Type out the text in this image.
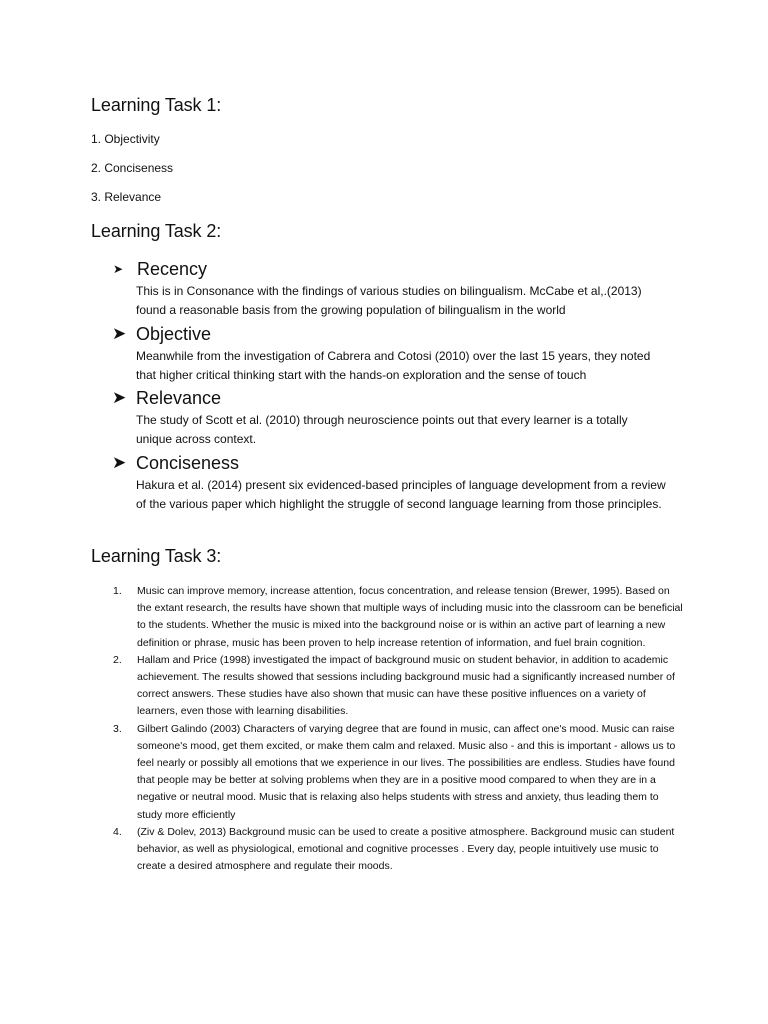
Learning Task 1:

1. Objectivity

2. Conciseness

3. Relevance

Learning Task 2:
➤ Recency
This is in Consonance with the findings of various studies on bilingualism. McCabe et al,.(2013) found a reasonable basis from the growing population of bilingualism in the world
➤ Objective
Meanwhile from the investigation of Cabrera and Cotosi (2010) over the last 15 years, they noted that higher critical thinking start with the hands-on exploration and the sense of touch
➤ Relevance
The study of Scott et al. (2010) through neuroscience points out that every learner is a totally unique across context.
➤ Conciseness
Hakura et al. (2014) present six evidenced-based principles of language development from a review of the various paper which highlight the struggle of second language learning from those principles.
Learning Task 3:
1.	Music can improve memory, increase attention, focus concentration, and release tension (Brewer, 1995). Based on the extant research, the results have shown that multiple ways of including music into the classroom can be beneficial to the students. Whether the music is mixed into the background noise or is within an active part of learning a new definition or phrase, music has been proven to help increase retention of information, and fuel brain cognition.
2.	Hallam and Price (1998) investigated the impact of background music on student behavior, in addition to academic achievement. The results showed that sessions including background music had a significantly increased number of correct answers. These studies have also shown that music can have these positive influences on a variety of learners, even those with learning disabilities.
3.	Gilbert Galindo (2003) Characters of varying degree that are found in music, can affect one's mood. Music can raise someone's mood, get them excited, or make them calm and relaxed. Music also - and this is important - allows us to feel nearly or possibly all emotions that we experience in our lives. The possibilities are endless. Studies have found that people may be better at solving problems when they are in a positive mood compared to when they are in a negative or neutral mood. Music that is relaxing also helps students with stress and anxiety, thus leading them to study more efficiently
4.	(Ziv & Dolev, 2013) Background music can be used to create a positive atmosphere. Background music can student behavior, as well as physiological, emotional and cognitive processes . Every day, people intuitively use music to create a desired atmosphere and regulate their moods.
